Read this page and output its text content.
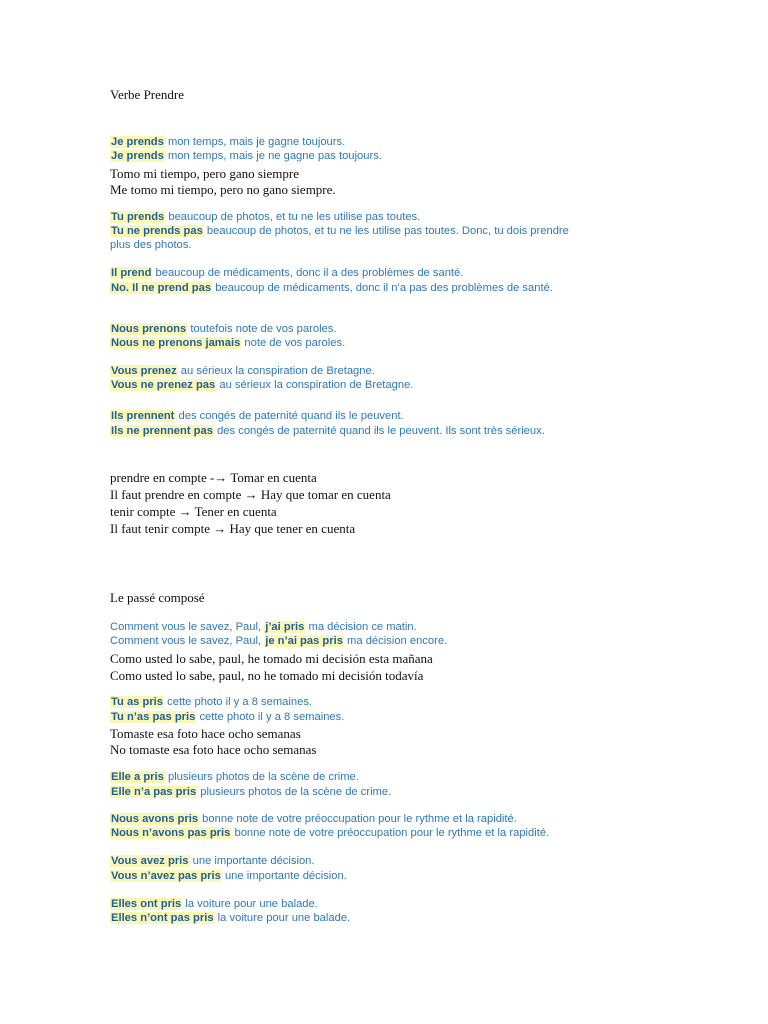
Verbe Prendre
Le passé composé
Je prends mon temps, mais je gagne toujours.
Je prends mon temps, mais je ne gagne pas toujours.
Tomo mi tiempo, pero gano siempre
Me tomo mi tiempo, pero no gano siempre.
Tu prends beaucoup de photos, et tu ne les utilise pas toutes.
Tu ne prends pas beaucoup de photos, et tu ne les utilise pas toutes. Donc, tu dois prendre
plus des photos.
Il prend beaucoup de médicaments, donc il a des problèmes de santé.
No. Il ne prend pas beaucoup de médicaments, donc il n’a pas des problèmes de santé.
Nous prenons toutefois note de vos paroles.
Nous ne prenons jamais note de vos paroles.
Vous prenez au sérieux la conspiration de Bretagne.
Vous ne prenez pas au sérieux la conspiration de Bretagne.
Ils prennent des congés de paternité quand ils le peuvent.
Ils ne prennent pas des congés de paternité quand ils le peuvent. Ils sont très sérieux.
prendre en compte -→ Tomar en cuenta
Il faut prendre en compte → Hay que tomar en cuenta
tenir compte → Tener en cuenta
Il faut tenir compte → Hay que tener en cuenta
Comment vous le savez, Paul, j’ai pris ma décision ce matin.
Comment vous le savez, Paul, je n’ai pas pris ma décision encore.
Como usted lo sabe, paul, he tomado mi decisión esta mañana
Como usted lo sabe, paul, no he tomado mi decisión todavía
Tu as pris cette photo il y a 8 semaines.
Tu n’as pas pris cette photo il y a 8 semaines.
Tomaste esa foto hace ocho semanas
No tomaste esa foto hace ocho semanas
Elle a pris plusieurs photos de la scène de crime.
Elle n’a pas pris plusieurs photos de la scène de crime.
Nous avons pris bonne note de votre préoccupation pour le rythme et la rapidité.
Nous n’avons pas pris bonne note de votre préoccupation pour le rythme et la rapidité.
Vous avez pris une importante décision.
Vous n’avez pas pris une importante décision.
Elles ont pris la voiture pour une balade.
Elles n’ont pas pris la voiture pour une balade.
